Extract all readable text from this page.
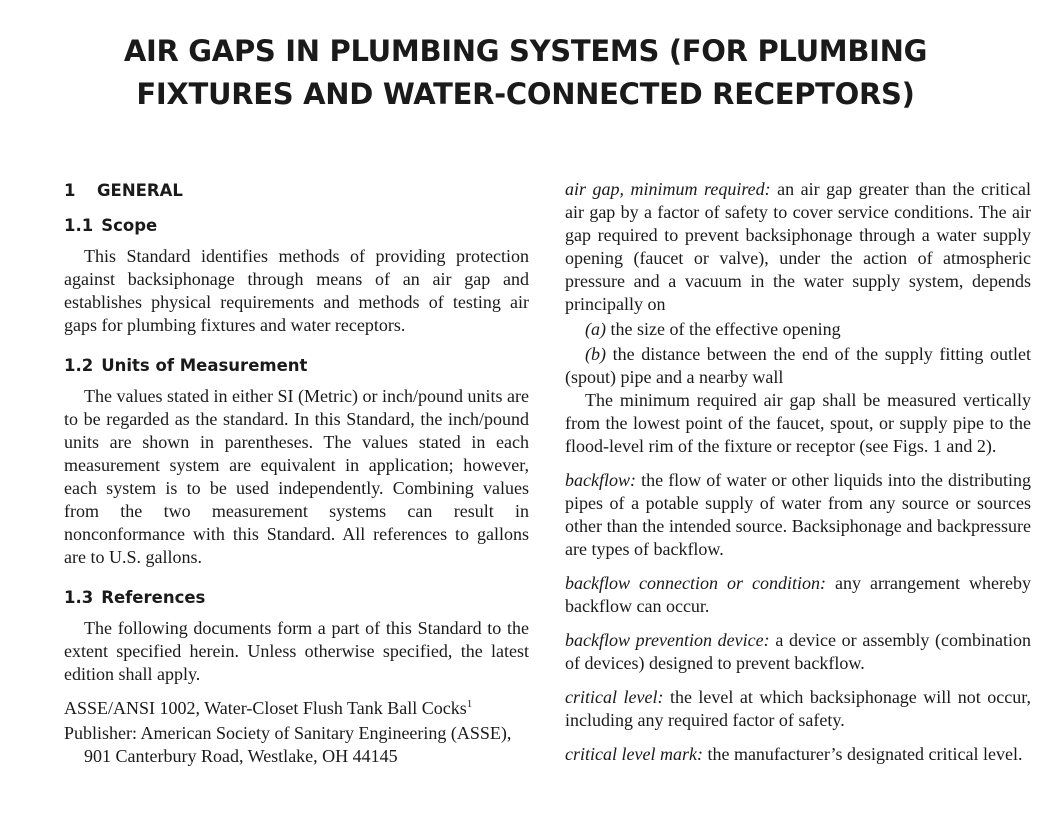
AIR GAPS IN PLUMBING SYSTEMS (FOR PLUMBING
FIXTURES AND WATER-CONNECTED RECEPTORS)
1 GENERAL
1.1 Scope

This Standard identifies methods of providing protection against backsiphonage through means of an air gap and establishes physical requirements and methods of testing air gaps for plumbing fixtures and water receptors.

1.2 Units of Measurement

The values stated in either SI (Metric) or inch/pound units are to be regarded as the standard. In this Standard, the inch/pound units are shown in parentheses. The values stated in each measurement system are equivalent in application; however, each system is to be used independently. Combining values from the two measurement systems can result in nonconformance with this Standard. All references to gallons are to U.S. gallons.

1.3 References

The following documents form a part of this Standard to the extent specified herein. Unless otherwise specified, the latest edition shall apply.

ASSE/ANSI 1002, Water-Closet Flush Tank Ball Cocks$^1$

Publisher: American Society of Sanitary Engineering (ASSE), 901 Canterbury Road, Westlake, OH 44145

air gap, minimum required: an air gap greater than the critical air gap by a factor of safety to cover service conditions. The air gap required to prevent backsiphonage through a water supply opening (faucet or valve), under the action of atmospheric pressure and a vacuum in the water supply system, depends principally on

(a) the size of the effective opening

(b) the distance between the end of the supply fitting outlet (spout) pipe and a nearby wall

The minimum required air gap shall be measured vertically from the lowest point of the faucet, spout, or supply pipe to the flood-level rim of the fixture or receptor (see Figs. 1 and 2).

backflow: the flow of water or other liquids into the distributing pipes of a potable supply of water from any source or sources other than the intended source. Backsiphonage and backpressure are types of backflow.

backflow connection or condition: any arrangement whereby backflow can occur.

backflow prevention device: a device or assembly (combination of devices) designed to prevent backflow.

critical level: the level at which backsiphonage will not occur, including any required factor of safety.

critical level mark: the manufacturer’s designated critical level.
